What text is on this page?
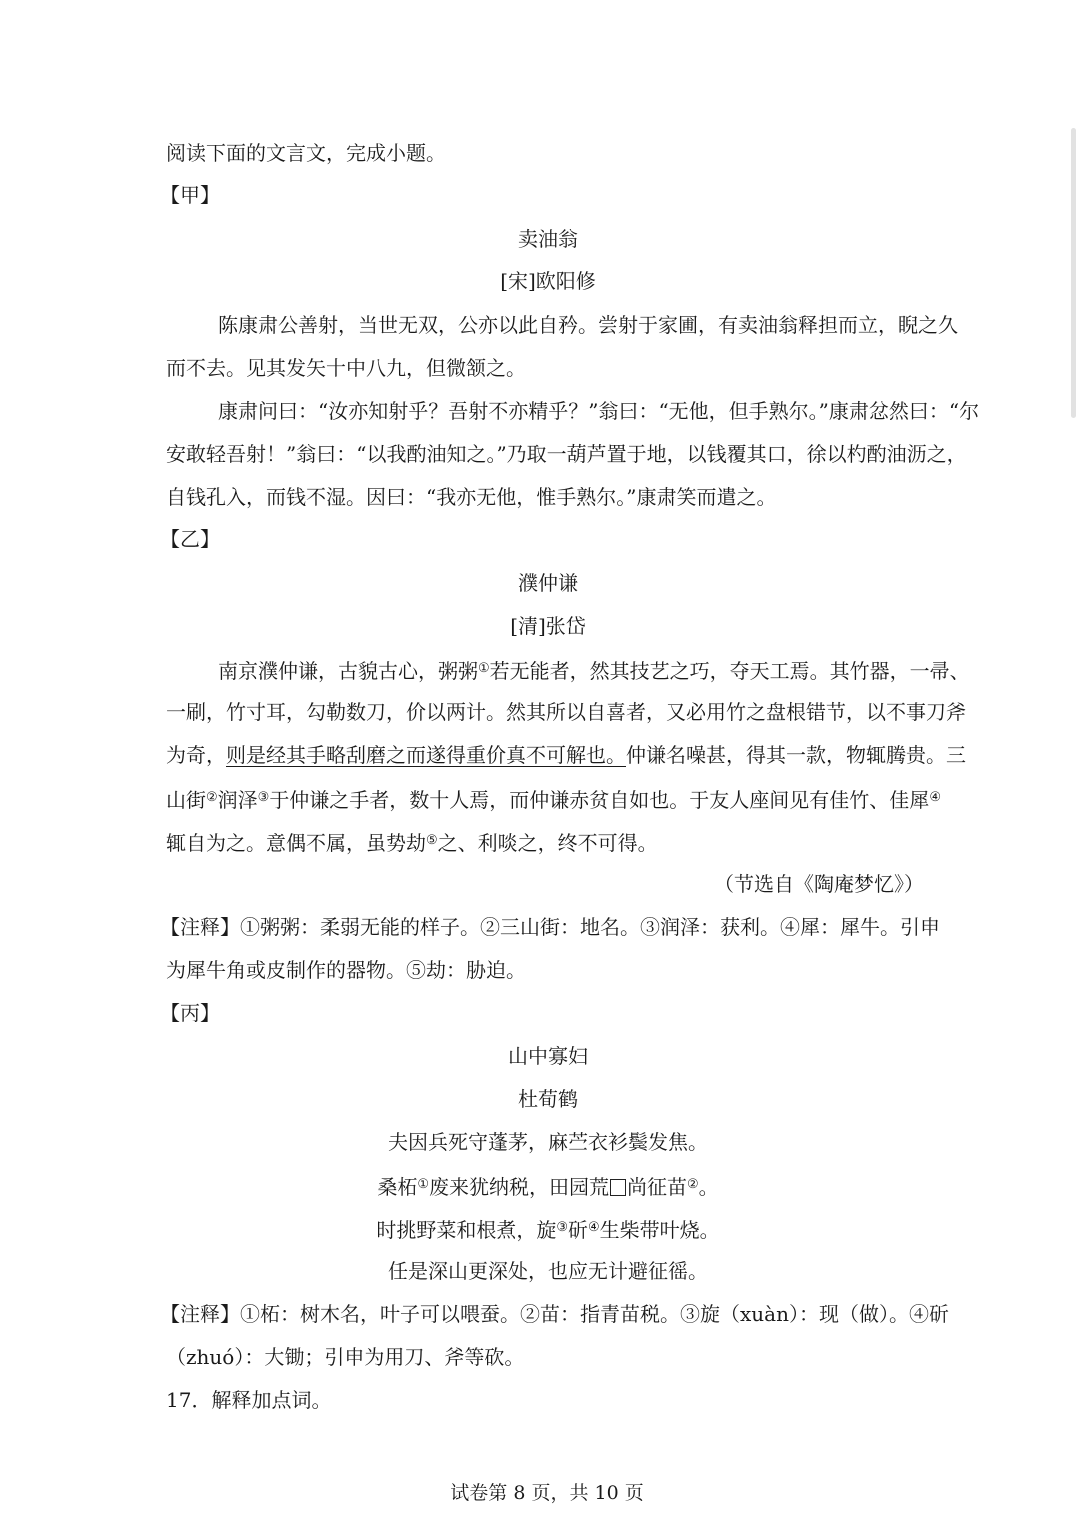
阅读下面的文言文，完成小题。
【甲】
卖油翁
[宋]欧阳修
陈康肃公善射，当世无双，公亦以此自矜。尝射于家圃，有卖油翁释担而立，睨之久
而不去。见其发矢十中八九，但微颔之。
康肃问曰：“汝亦知射乎？吾射不亦精乎？”翁曰：“无他，但手熟尔。”康肃忿然曰：“尔
安敢轻吾射！”翁曰：“以我酌油知之。”乃取一葫芦置于地，以钱覆其口，徐以杓酌油沥之，
自钱孔入，而钱不湿。因曰：“我亦无他，惟手熟尔。”康肃笑而遣之。
【乙】
濮仲谦
[清]张岱
南京濮仲谦，古貌古心，粥粥①若无能者，然其技艺之巧，夺天工焉。其竹器，一帚、
一刷，竹寸耳，勾勒数刀，价以两计。然其所以自喜者，又必用竹之盘根错节，以不事刀斧
为奇，则是经其手略刮磨之而遂得重价真不可解也。仲谦名噪甚，得其一款，物辄腾贵。三
山街②润泽③于仲谦之手者，数十人焉，而仲谦赤贫自如也。于友人座间见有佳竹、佳犀④
辄自为之。意偶不属，虽势劫⑤之、利啖之，终不可得。
（节选自《陶庵梦忆》）
【注释】①粥粥：柔弱无能的样子。②三山街：地名。③润泽：获利。④犀：犀牛。引申
为犀牛角或皮制作的器物。⑤劫：胁迫。
【丙】
山中寡妇
杜荀鹤
夫因兵死守蓬茅，麻苎衣衫鬓发焦。
桑柘①废来犹纳税，田园荒 尚征苗②。
时挑野菜和根煮，旋③斫④生柴带叶烧。
任是深山更深处，也应无计避征徭。
【注释】①柘：树木名，叶子可以喂蚕。②苗：指青苗税。③旋（xuàn）：现（做）。④斫
（zhuó）：大锄；引申为用刀、斧等砍。
17．解释加点词。
试卷第 8 页，共 10 页
